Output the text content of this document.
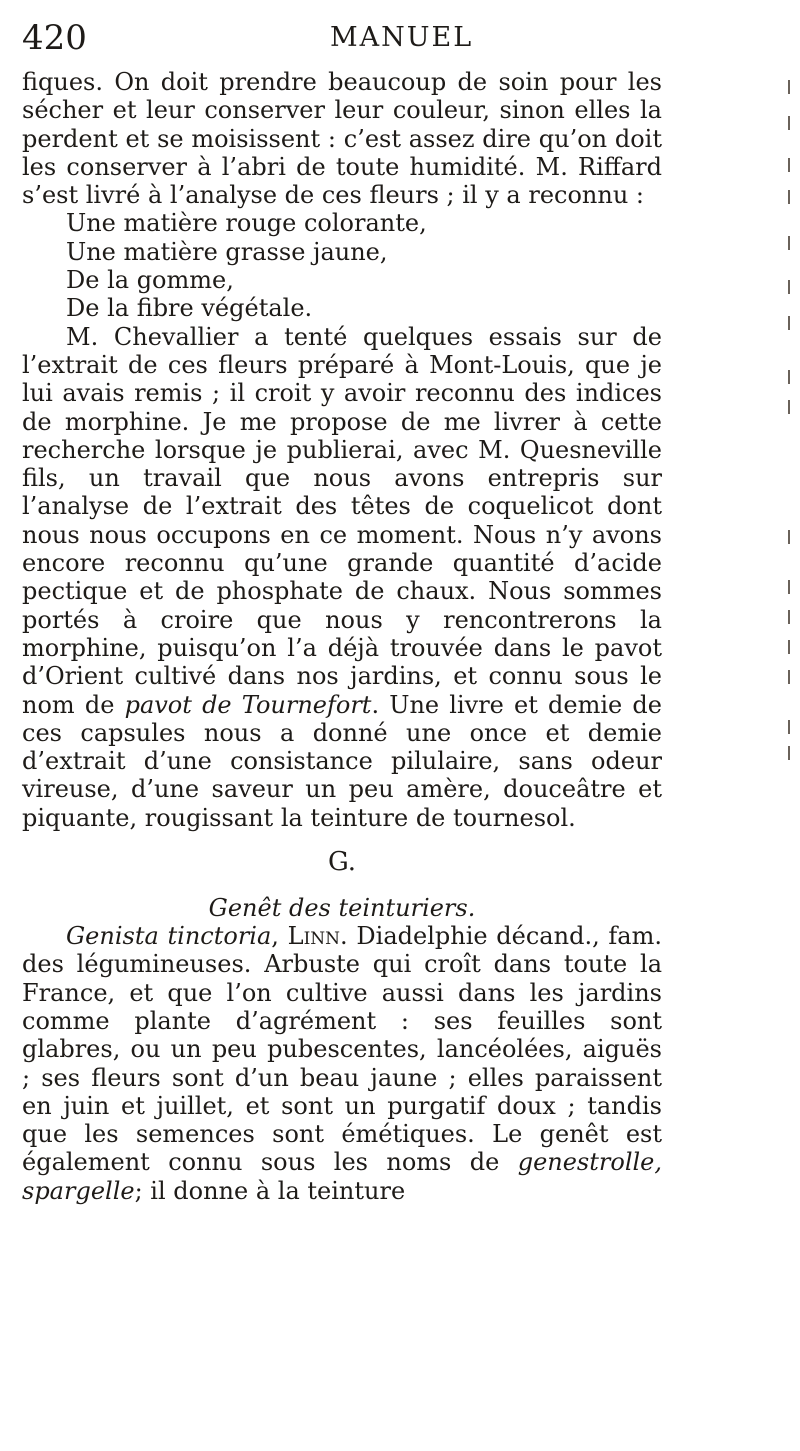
420	MANUEL

fiques. On doit prendre beaucoup de soin pour les sécher et leur conserver leur couleur, sinon elles la perdent et se moisissent : c’est assez dire qu’on doit les conserver à l’abri de toute humidité. M. Riffard s’est livré à l’analyse de ces fleurs ; il y a reconnu :

Une matière rouge colorante,
Une matière grasse jaune,
De la gomme,
De la fibre végétale.

M. Chevallier a tenté quelques essais sur de l’extrait de ces fleurs préparé à Mont-Louis, que je lui avais remis ; il croit y avoir reconnu des indices de morphine. Je me propose de me livrer à cette recherche lorsque je publierai, avec M. Quesneville fils, un travail que nous avons entrepris sur l’analyse de l’extrait des têtes de coquelicot dont nous nous occupons en ce moment. Nous n’y avons encore reconnu qu’une grande quantité d’acide pectique et de phosphate de chaux. Nous sommes portés à croire que nous y rencontrerons la morphine, puisqu’on l’a déjà trouvée dans le pavot d’Orient cultivé dans nos jardins, et connu sous le nom de pavot de Tournefort. Une livre et demie de ces capsules nous a donné une once et demie d’extrait d’une consistance pilulaire, sans odeur vireuse, d’une saveur un peu amère, douceâtre et piquante, rougissant la teinture de tournesol.

G.
Genêt des teinturiers.

Genista tinctoria, Linn. Diadelphie décand., fam. des légumineuses. Arbuste qui croît dans toute la France, et que l’on cultive aussi dans les jardins comme plante d’agrément : ses feuilles sont glabres, ou un peu pubescentes, lancéolées, aiguës ; ses fleurs sont d’un beau jaune ; elles paraissent en juin et juillet, et sont un purgatif doux ; tandis que les semences sont émétiques. Le genêt est également connu sous les noms de genestrolle, spargelle; il donne à la teinture
